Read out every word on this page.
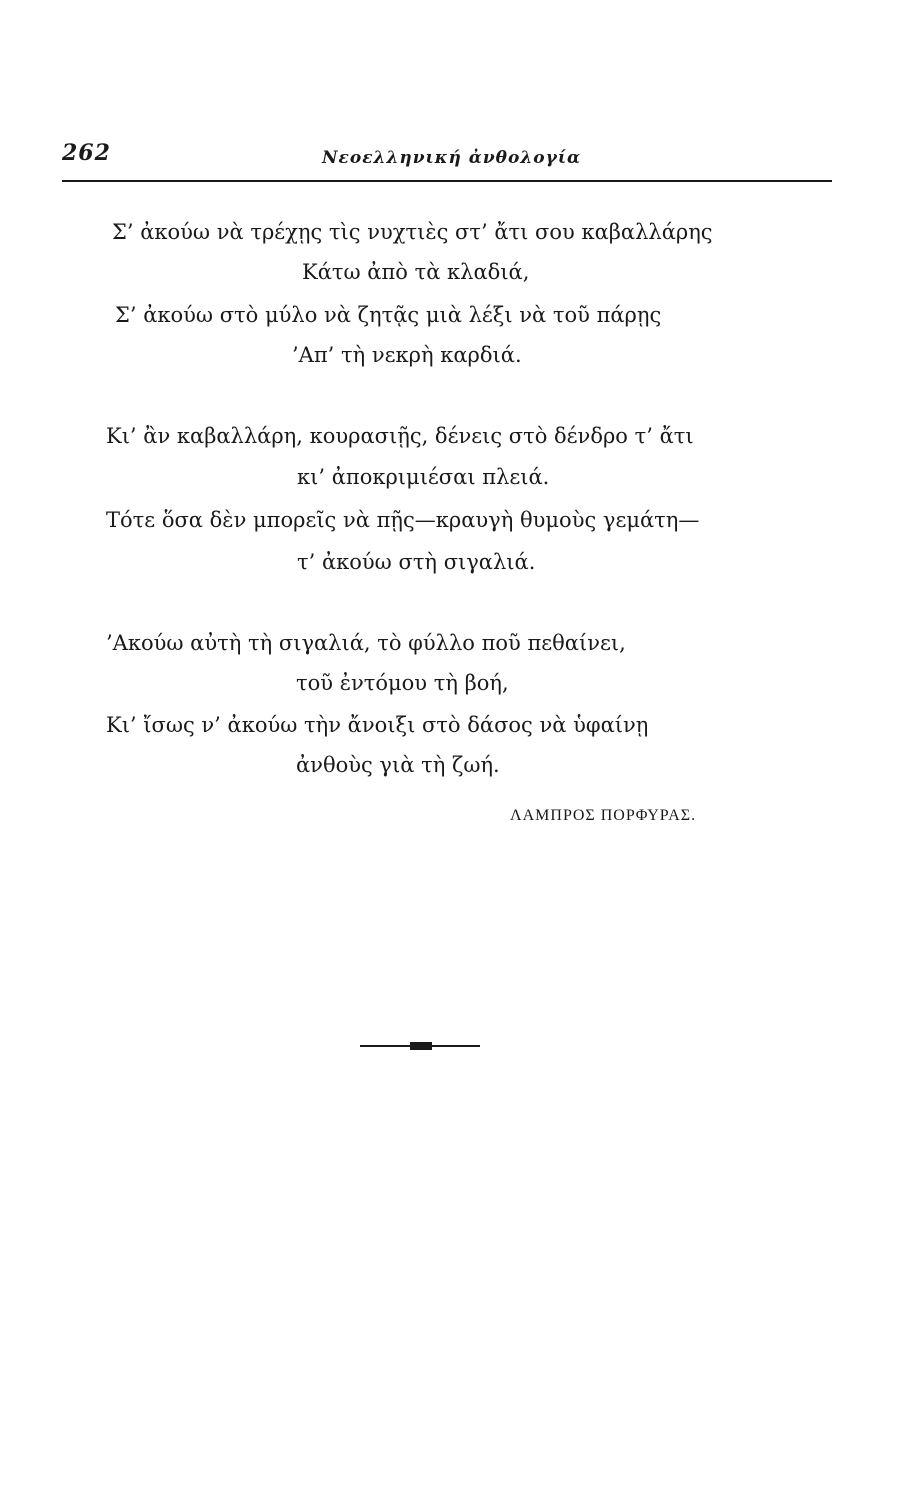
262	Νεοελληνική ἀνθολογία
Σ’ ἀκούω νὰ τρέχῃς τὶς νυχτιὲς στ’ ἄτι σου καβαλλάρης
Κάτω ἀπὸ τὰ κλαδιά,
Σ’ ἀκούω στὸ μύλο νὰ ζητᾷς μιὰ λέξι νὰ τοῦ πάρῃς
’Απ’ τὴ νεκρὴ καρδιά.
Κι’ ἂν καβαλλάρη, κουρασιῇς, δένεις στὸ δένδρο τ’ ἄτι
κι’ ἀποκριμιέσαι πλειά.
Τότε ὅσα δὲν μπορεῖς νὰ πῇς—κραυγὴ θυμοὺς γεμάτη—
τ’ ἀκούω στὴ σιγαλιά.
’Ακούω αὐτὴ τὴ σιγαλιά, τὸ φύλλο ποῦ πεθαίνει,
τοῦ ἐντόμου τὴ βοή,
Κι’ ἴσως ν’ ἀκούω τὴν ἄνοιξι στὸ δάσος νὰ ὑφαίνῃ
ἀνθοὺς γιὰ τὴ ζωή.
ΛΑΜΠΡΟΣ ΠΟΡΦΥΡΑΣ.
